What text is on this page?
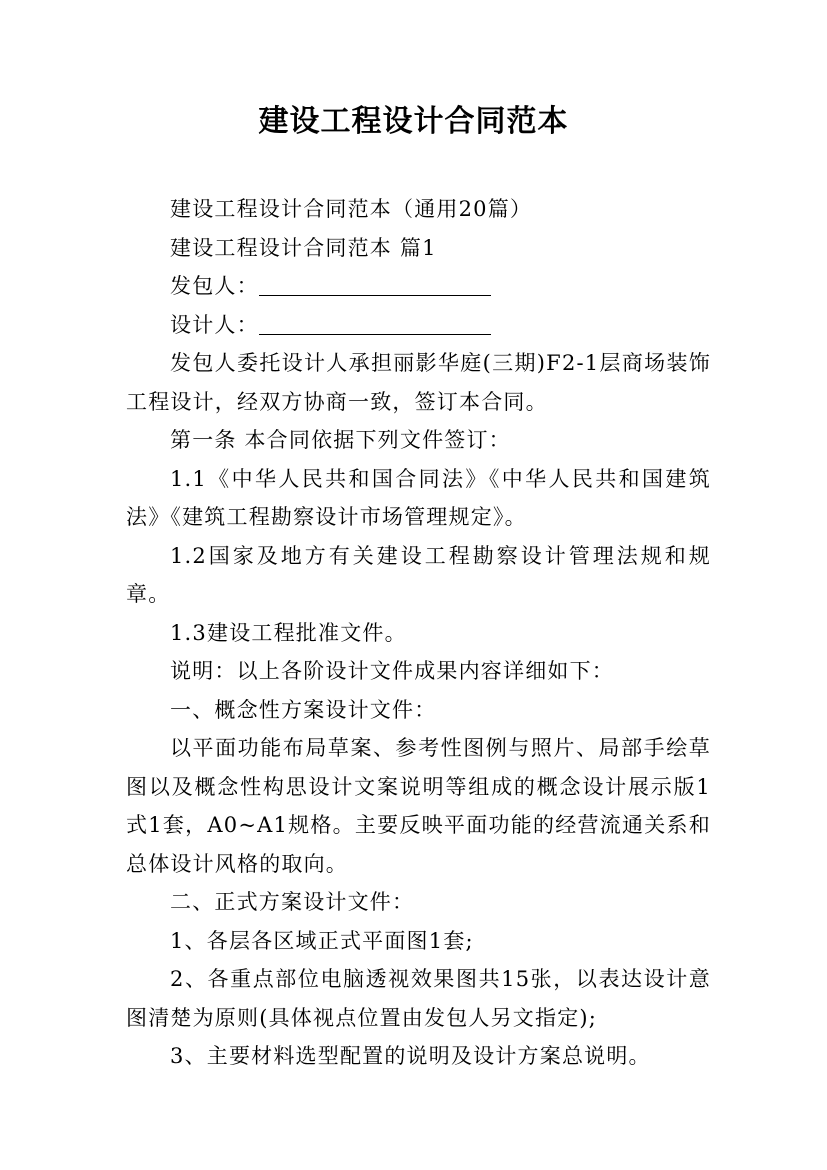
建设工程设计合同范本

建设工程设计合同范本（通用20篇）

建设工程设计合同范本 篇1

发包人：

设计人：

发包人委托设计人承担丽影华庭(三期)F2-1层商场装饰工程设计，经双方协商一致，签订本合同。

第一条 本合同依据下列文件签订：

1.1《中华人民共和国合同法》《中华人民共和国建筑法》《建筑工程勘察设计市场管理规定》。

1.2国家及地方有关建设工程勘察设计管理法规和规章。

1.3建设工程批准文件。

说明：以上各阶设计文件成果内容详细如下：

一、概念性方案设计文件：

以平面功能布局草案、参考性图例与照片、局部手绘草图以及概念性构思设计文案说明等组成的概念设计展示版1式1套，A0~A1规格。主要反映平面功能的经营流通关系和总体设计风格的取向。

二、正式方案设计文件：

1、各层各区域正式平面图1套;

2、各重点部位电脑透视效果图共15张，以表达设计意图清楚为原则(具体视点位置由发包人另文指定);

3、主要材料选型配置的说明及设计方案总说明。
